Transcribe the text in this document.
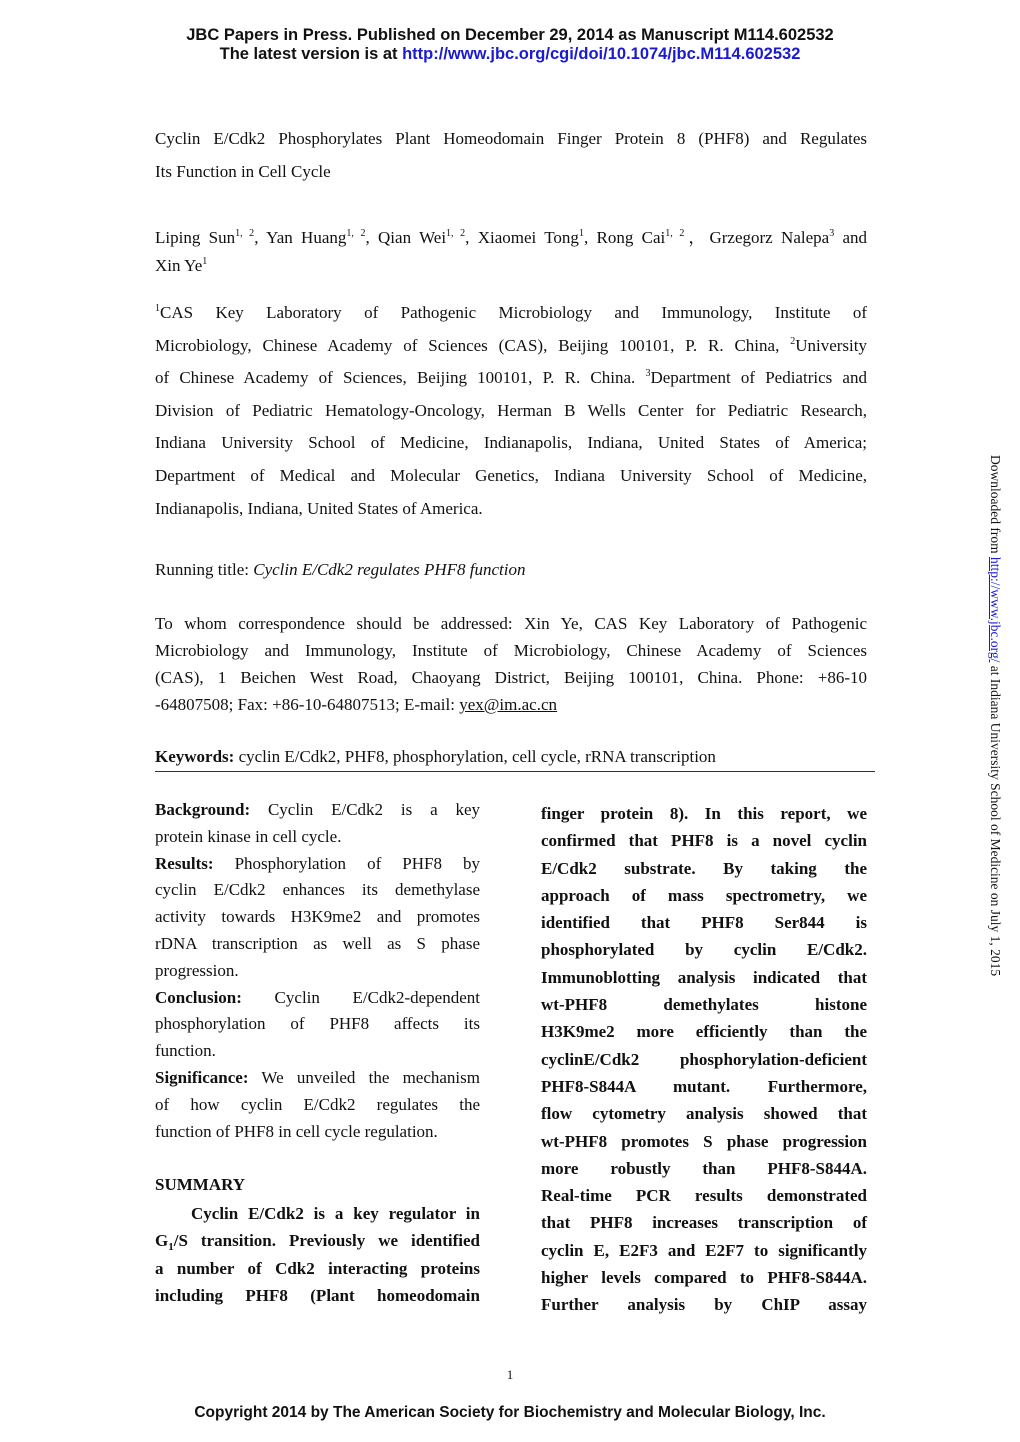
JBC Papers in Press. Published on December 29, 2014 as Manuscript M114.602532
The latest version is at http://www.jbc.org/cgi/doi/10.1074/jbc.M114.602532
Cyclin E/Cdk2 Phosphorylates Plant Homeodomain Finger Protein 8 (PHF8) and Regulates
Its Function in Cell Cycle
Liping Sun$^{1, 2}$, Yan Huang$^{1, 2}$, Qian Wei$^{1, 2}$, Xiaomei Tong$^1$, Rong Cai$^{1, 2}$，Grzegorz Nalepa$^3$ and
Xin Ye$^1$
$^1$CAS Key Laboratory of Pathogenic Microbiology and Immunology, Institute of
Microbiology, Chinese Academy of Sciences (CAS), Beijing 100101, P. R. China, $^2$University
of Chinese Academy of Sciences, Beijing 100101, P. R. China. $^3$Department of Pediatrics and
Division of Pediatric Hematology-Oncology, Herman B Wells Center for Pediatric Research,
Indiana University School of Medicine, Indianapolis, Indiana, United States of America;
Department of Medical and Molecular Genetics, Indiana University School of Medicine,
Indianapolis, Indiana, United States of America.
Running title: Cyclin E/Cdk2 regulates PHF8 function
To whom correspondence should be addressed: Xin Ye, CAS Key Laboratory of Pathogenic
Microbiology and Immunology, Institute of Microbiology, Chinese Academy of Sciences
(CAS), 1 Beichen West Road, Chaoyang District, Beijing 100101, China. Phone: +86-10
-64807508; Fax: +86-10-64807513; E-mail: yex@im.ac.cn
Keywords: cyclin E/Cdk2, PHF8, phosphorylation, cell cycle, rRNA transcription
Background: Cyclin E/Cdk2 is a key
protein kinase in cell cycle.
Results: Phosphorylation of PHF8 by
cyclin E/Cdk2 enhances its demethylase
activity towards H3K9me2 and promotes
rDNA transcription as well as S phase
progression.
Conclusion: Cyclin E/Cdk2-dependent
phosphorylation of PHF8 affects its
function.
Significance: We unveiled the mechanism
of how cyclin E/Cdk2 regulates the
function of PHF8 in cell cycle regulation.
SUMMARY
Cyclin E/Cdk2 is a key regulator in
$G_1/S$ transition. Previously we identified
a number of Cdk2 interacting proteins
including PHF8 (Plant homeodomain
finger protein 8). In this report, we
confirmed that PHF8 is a novel cyclin
E/Cdk2 substrate. By taking the
approach of mass spectrometry, we
identified that PHF8 Ser844 is
phosphorylated by cyclin E/Cdk2.
Immunoblotting analysis indicated that
wt-PHF8 demethylates histone
H3K9me2 more efficiently than the
cyclinE/Cdk2 phosphorylation-deficient
PHF8-S844A mutant. Furthermore,
flow cytometry analysis showed that
wt-PHF8 promotes S phase progression
more robustly than PHF8-S844A.
Real-time PCR results demonstrated
that PHF8 increases transcription of
cyclin E, E2F3 and E2F7 to significantly
higher levels compared to PHF8-S844A.
Further analysis by ChIP assay
1
Copyright 2014 by The American Society for Biochemistry and Molecular Biology, Inc.
Downloaded from http://www.jbc.org/ at Indiana University School of Medicine on July 1, 2015
